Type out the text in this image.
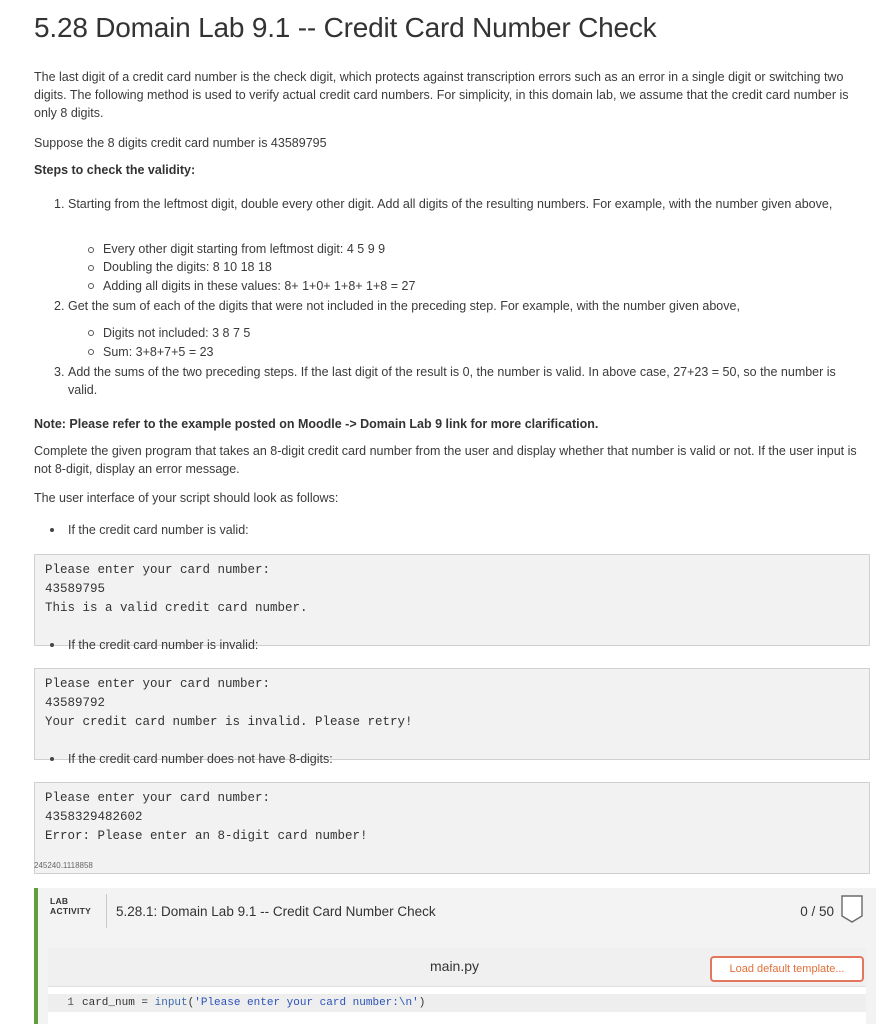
5.28 Domain Lab 9.1 -- Credit Card Number Check
The last digit of a credit card number is the check digit, which protects against transcription errors such as an error in a single digit or switching two digits. The following method is used to verify actual credit card numbers. For simplicity, in this domain lab, we assume that the credit card number is only 8 digits.
Suppose the 8 digits credit card number is 43589795
Steps to check the validity:
1. Starting from the leftmost digit, double every other digit. Add all digits of the resulting numbers. For example, with the number given above,
Every other digit starting from leftmost digit: 4 5 9 9
Doubling the digits: 8 10 18 18
Adding all digits in these values: 8+ 1+0+ 1+8+ 1+8 = 27
2. Get the sum of each of the digits that were not included in the preceding step. For example, with the number given above,
Digits not included: 3 8 7 5
Sum: 3+8+7+5 = 23
3. Add the sums of the two preceding steps. If the last digit of the result is 0, the number is valid. In above case, 27+23 = 50, so the number is valid.
Note: Please refer to the example posted on Moodle -> Domain Lab 9 link for more clarification.
Complete the given program that takes an 8-digit credit card number from the user and display whether that number is valid or not. If the user input is not 8-digit, display an error message.
The user interface of your script should look as follows:
If the credit card number is valid:
Please enter your card number:
43589795
This is a valid credit card number.
If the credit card number is invalid:
Please enter your card number:
43589792
Your credit card number is invalid. Please retry!
If the credit card number does not have 8-digits:
Please enter your card number:
4358329482602
Error: Please enter an 8-digit card number!
245240.1118858
LAB
ACTIVITY 5.28.1: Domain Lab 9.1 -- Credit Card Number Check	0 / 50
main.py	Load default template...
1 card_num = input('Please enter your card number:\n')
